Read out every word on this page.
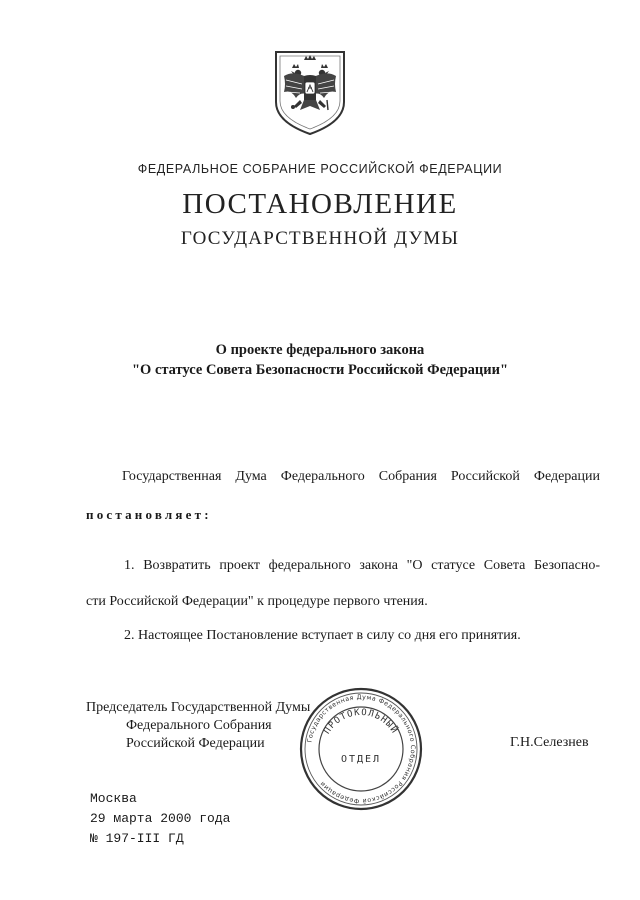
ФЕДЕРАЛЬНОЕ СОБРАНИЕ РОССИЙСКОЙ ФЕДЕРАЦИИ
ПОСТАНОВЛЕНИЕ
ГОСУДАРСТВЕННОЙ ДУМЫ
О проекте федерального закона
"О статусе Совета Безопасности Российской Федерации"
Государственная Дума Федерального Собрания Российской Федерации
постановляет:
1. Возвратить проект федерального закона "О статусе Совета Безопасно-
сти Российской Федерации" к процедуре первого чтения.
2. Настоящее Постановление вступает в силу со дня его принятия.
Председатель Государственной Думы
Федерального Собрания
Российской Федерации	Г.Н.Селезнев
Государственная Дума Федерального Собрания Российской Федерации
ПРОТОКОЛЬНЫЙ
ОТДЕЛ
Москва
29 марта 2000 года
№ 197-III ГД
